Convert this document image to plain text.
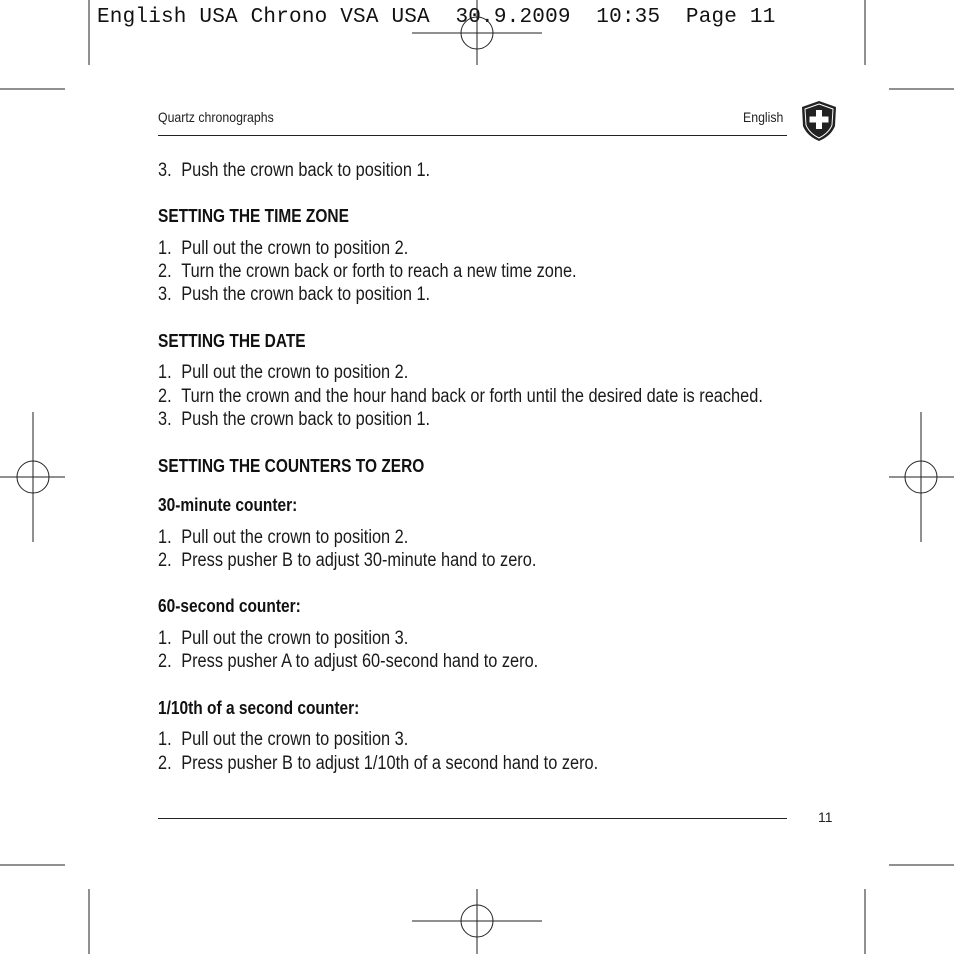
English USA Chrono VSA USA  30.9.2009  10:35  Page 11
Quartz chronographs	English
3. Push the crown back to position 1.
SETTING THE TIME ZONE
1. Pull out the crown to position 2.
2. Turn the crown back or forth to reach a new time zone.
3. Push the crown back to position 1.
SETTING THE DATE
1. Pull out the crown to position 2.
2. Turn the crown and the hour hand back or forth until the desired date is reached.
3. Push the crown back to position 1.
SETTING THE COUNTERS TO ZERO
30-minute counter:
1. Pull out the crown to position 2.
2. Press pusher B to adjust 30-minute hand to zero.
60-second counter:
1. Pull out the crown to position 3.
2. Press pusher A to adjust 60-second hand to zero.
1/10th of a second counter:
1. Pull out the crown to position 3.
2. Press pusher B to adjust 1/10th of a second hand to zero.
11
